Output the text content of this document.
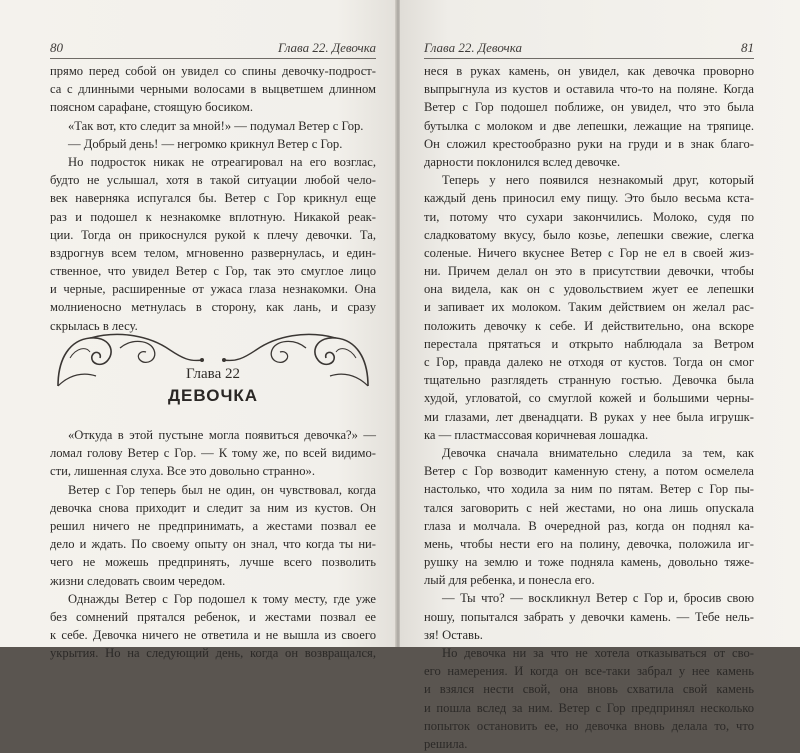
80	Глава 22. Девочка
прямо перед собой он увидел со спины девочку-подрост-
са с длинными черными волосами в выцветшем длинном
поясном сарафане, стоящую босиком.
«Так вот, кто следит за мной!» — подумал Ветер с Гор.
— Добрый день! — негромко крикнул Ветер с Гор.
Но подросток никак не отреагировал на его возглас,
будто не услышал, хотя в такой ситуации любой чело-
век наверняка испугался бы. Ветер с Гор крикнул еще
раз и подошел к незнакомке вплотную. Никакой реак-
ции. Тогда он прикоснулся рукой к плечу девочки. Та,
вздрогнув всем телом, мгновенно развернулась, и един-
ственное, что увидел Ветер с Гор, так это смуглое лицо
и черные, расширенные от ужаса глаза незнакомки. Она
молниеносно метнулась в сторону, как лань, и сразу
скрылась в лесу.
Глава 22
ДЕВОЧКА
«Откуда в этой пустыне могла появиться девочка?» —
ломал голову Ветер с Гор. — К тому же, по всей видимо-
сти, лишенная слуха. Все это довольно странно».
Ветер с Гор теперь был не один, он чувствовал, когда
девочка снова приходит и следит за ним из кустов. Он
решил ничего не предпринимать, а жестами позвал ее
дело и ждать. По своему опыту он знал, что когда ты ни-
чего не можешь предпринять, лучше всего позволить
жизни следовать своим чередом.
Однажды Ветер с Гор подошел к тому месту, где уже
без сомнений прятался ребенок, и жестами позвал ее
к себе. Девочка ничего не ответила и не вышла из своего
укрытия. Но на следующий день, когда он возвращался,
Глава 22. Девочка	81
неся в руках камень, он увидел, как девочка проворно
выпрыгнула из кустов и оставила что-то на поляне. Когда
Ветер с Гор подошел поближе, он увидел, что это была
бутылка с молоком и две лепешки, лежащие на тряпице.
Он сложил крестообразно руки на груди и в знак благо-
дарности поклонился вслед девочке.
Теперь у него появился незнакомый друг, который
каждый день приносил ему пищу. Это было весьма кста-
ти, потому что сухари закончились. Молоко, судя по
сладковатому вкусу, было козье, лепешки свежие, слегка
соленые. Ничего вкуснее Ветер с Гор не ел в своей жиз-
ни. Причем делал он это в присутствии девочки, чтобы
она видела, как он с удовольствием жует ее лепешки
и запивает их молоком. Таким действием он желал рас-
положить девочку к себе. И действительно, она вскоре
перестала прятаться и открыто наблюдала за Ветром
с Гор, правда далеко не отходя от кустов. Тогда он смог
тщательно разглядеть странную гостью. Девочка была
худой, угловатой, со смуглой кожей и большими черны-
ми глазами, лет двенадцати. В руках у нее была игрушк-
ка — пластмассовая коричневая лошадка.
Девочка сначала внимательно следила за тем, как
Ветер с Гор возводит каменную стену, а потом осмелела
настолько, что ходила за ним по пятам. Ветер с Гор пы-
тался заговорить с ней жестами, но она лишь опускала
глаза и молчала. В очередной раз, когда он поднял ка-
мень, чтобы нести его на полину, девочка, положила иг-
рушку на землю и тоже подняла камень, довольно тяже-
лый для ребенка, и понесла его.
— Ты что? — воскликнул Ветер с Гор и, бросив свою
ношу, попытался забрать у девочки камень. — Тебе нель-
зя! Оставь.
Но девочка ни за что не хотела отказываться от сво-
его намерения. И когда он все-таки забрал у нее камень
и взялся нести свой, она вновь схватила свой камень
и пошла вслед за ним. Ветер с Гор предпринял несколько
попыток остановить ее, но девочка вновь делала то, что
решила.
